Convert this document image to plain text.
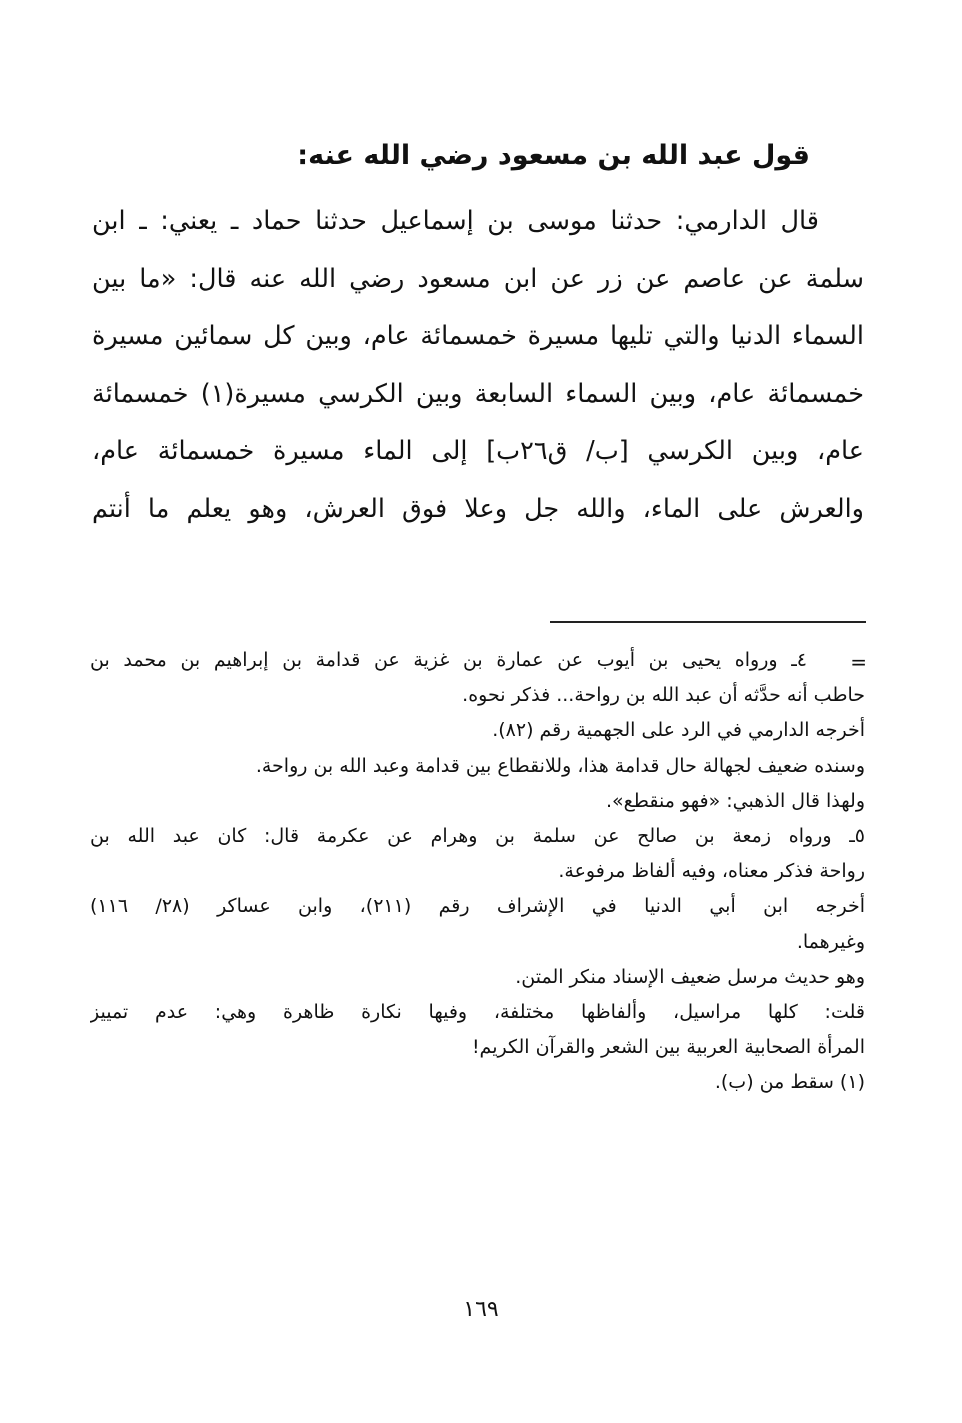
قول عبد الله بن مسعود رضي الله عنه:
قال الدارمي: حدثنا موسى بن إسماعيل حدثنا حماد ـ يعني: ـ ابن
سلمة عن عاصم عن زر عن ابن مسعود رضي الله عنه قال: «ما بين
السماء الدنيا والتي تليها مسيرة خمسمائة عام، وبين كل سمائين مسيرة
خمسمائة عام، وبين السماء السابعة وبين الكرسي مسيرة(١) خمسمائة
عام، وبين الكرسي [ب/ ق٢٦ب] إلى الماء مسيرة خمسمائة عام،
والعرش على الماء، والله جل وعلا فوق العرش، وهو يعلم ما أنتم
=
٤ـ ورواه يحيى بن أيوب عن عمارة بن غزية عن قدامة بن إبراهيم بن محمد بن
حاطب أنه حدَّثه أن عبد الله بن رواحة... فذكر نحوه.
أخرجه الدارمي في الرد على الجهمية رقم (٨٢).
وسنده ضعيف لجهالة حال قدامة هذا، وللانقطاع بين قدامة وعبد الله بن رواحة.
ولهذا قال الذهبي: «فهو منقطع».
٥ـ ورواه زمعة بن صالح عن سلمة بن وهرام عن عكرمة قال: كان عبد الله بن
رواحة فذكر معناه، وفيه ألفاظ مرفوعة.
أخرجه ابن أبي الدنيا في الإشراف رقم (٢١١)، وابن عساكر (٢٨/ ١١٦)
وغيرهما.
وهو حديث مرسل ضعيف الإسناد منكر المتن.
قلت: كلها مراسيل، وألفاظها مختلفة، وفيها نكارة ظاهرة وهي: عدم تمييز
المرأة الصحابية العربية بين الشعر والقرآن الكريم!
(١) سقط من (ب).
١٦٩
